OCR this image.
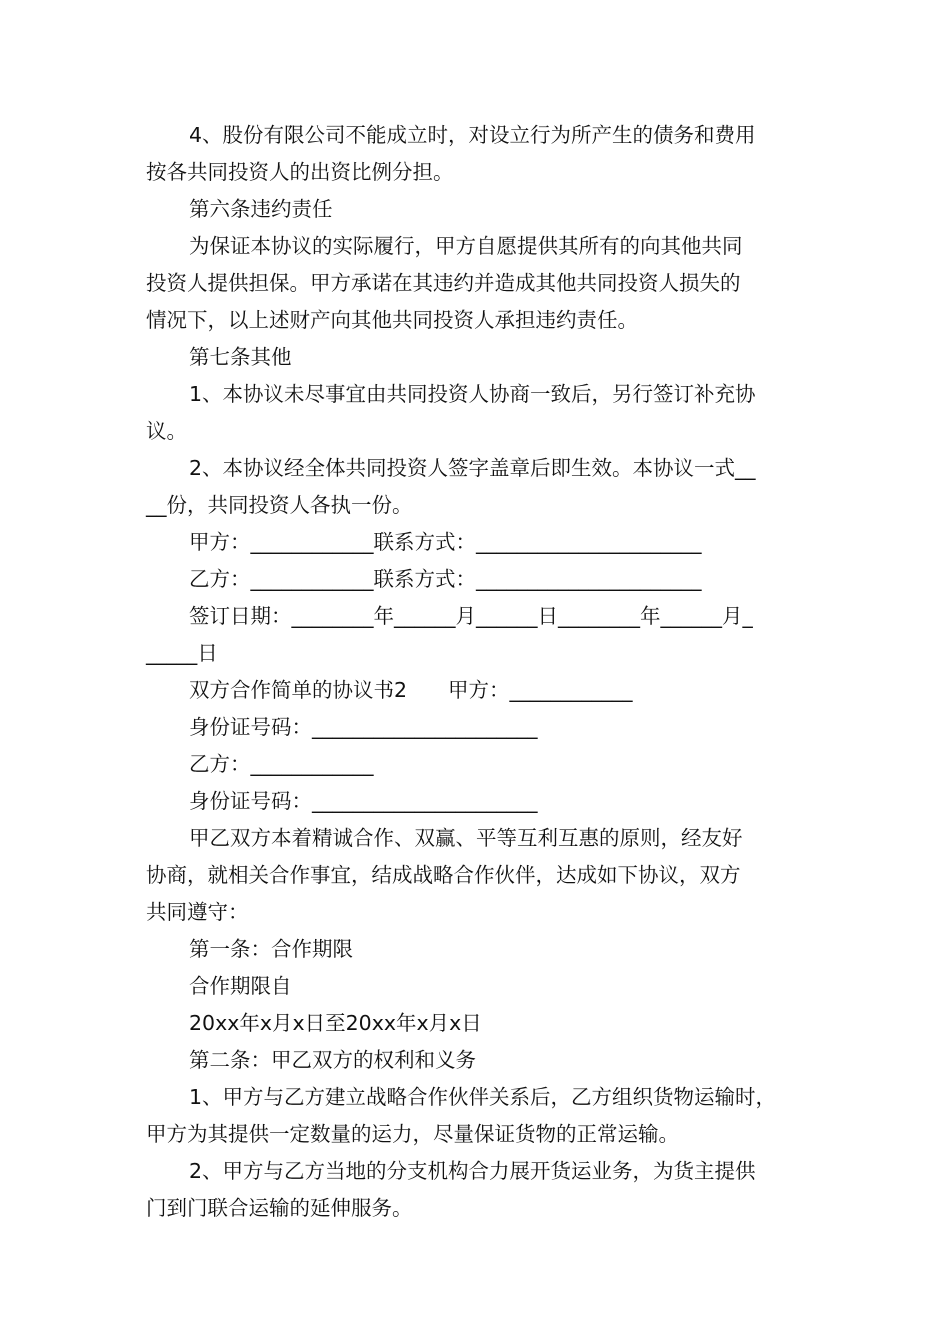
4、股份有限公司不能成立时，对设立行为所产生的债务和费用
按各共同投资人的出资比例分担。
第六条违约责任
为保证本协议的实际履行，甲方自愿提供其所有的向其他共同
投资人提供担保。甲方承诺在其违约并造成其他共同投资人损失的
情况下，以上述财产向其他共同投资人承担违约责任。
第七条其他
1、本协议未尽事宜由共同投资人协商一致后，另行签订补充协
议。
2、本协议经全体共同投资人签字盖章后即生效。本协议一式__
__份，共同投资人各执一份。
甲方：____________联系方式：______________________
乙方：____________联系方式：______________________
签订日期：________年______月______日________年______月_
_____日
双方合作简单的协议书2　　甲方：____________
身份证号码：______________________
乙方：____________
身份证号码：______________________
甲乙双方本着精诚合作、双赢、平等互利互惠的原则，经友好
协商，就相关合作事宜，结成战略合作伙伴，达成如下协议，双方
共同遵守：
第一条：合作期限
合作期限自
20xx年x月x日至20xx年x月x日
第二条：甲乙双方的权利和义务
1、甲方与乙方建立战略合作伙伴关系后，乙方组织货物运输时，
甲方为其提供一定数量的运力，尽量保证货物的正常运输。
2、甲方与乙方当地的分支机构合力展开货运业务，为货主提供
门到门联合运输的延伸服务。
